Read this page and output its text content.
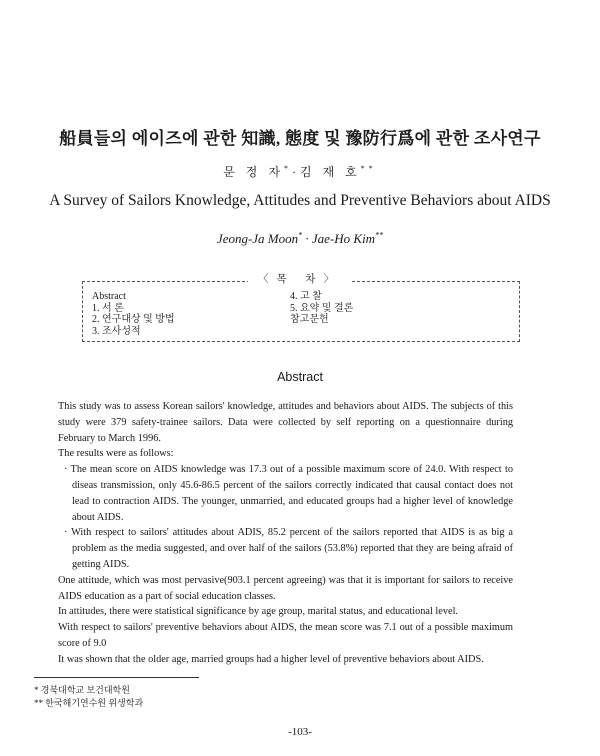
船員들의 에이즈에 관한 知識, 態度 및 豫防行爲에 관한 조사연구
문 정 자*·김 재 호**
A Survey of Sailors Knowledge, Attitudes and Preventive Behaviors about AIDS
Jeong-Ja Moon* · Jae-Ho Kim**
〈목 차〉
Abstract
1. 서 론
2. 연구대상 및 방법
3. 조사성적
4. 고 찰
5. 요약 및 결론
참고문헌
Abstract

This study was to assess Korean sailors' knowledge, attitudes and behaviors about AIDS. The subjects of this study were 379 safety-trainee sailors. Data were collected by self reporting on a questionnaire during February to March 1996.

The results were as follows:

· The mean score on AIDS knowledge was 17.3 out of a possible maximum score of 24.0. With respect to diseas transmission, only 45.6-86.5 percent of the sailors correctly indicated that causal contact does not lead to contraction AIDS. The younger, unmarried, and educated groups had a higher level of knowledge about AIDS.
· With respect to sailors' attitudes about ADIS, 85.2 percent of the sailors reported that AIDS is as big a problem as the media suggested, and over half of the sailors (53.8%) reported that they are being afraid of getting AIDS.

One attitude, which was most pervasive(903.1 percent agreeing) was that it is important for sailors to receive AIDS education as a part of social education classes.

In attitudes, there were statistical significance by age group, marital status, and educational level.

With respect to sailors' preventive behaviors about AIDS, the mean score was 7.1 out of a possible maximum score of 9.0

It was shown that the older age, married groups had a higher level of preventive behaviors about AIDS.

* 경북대학교 보건대학원
** 한국해기연수원 위생학과
-103-
